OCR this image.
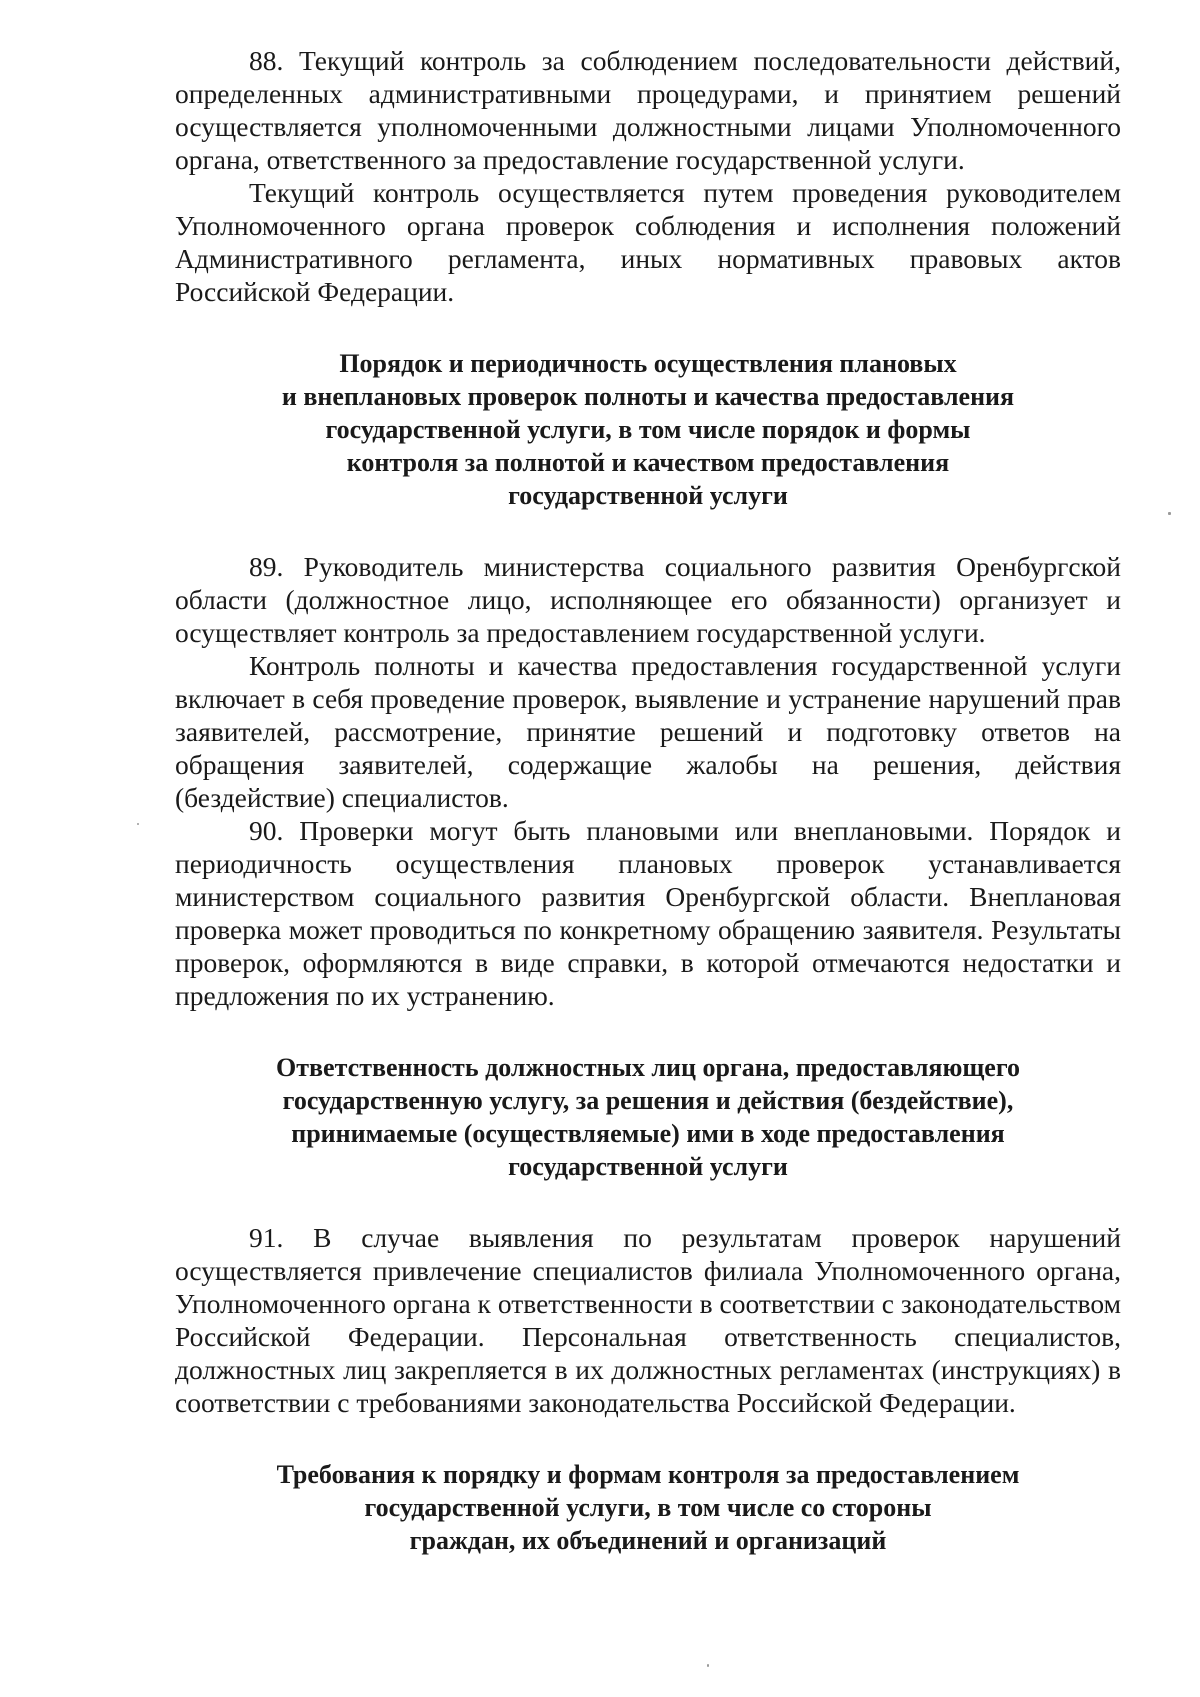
88. Текущий контроль за соблюдением последовательности действий, определенных административными процедурами, и принятием решений осуществляется уполномоченными должностными лицами Уполномоченного органа, ответственного за предоставление государственной услуги.

Текущий контроль осуществляется путем проведения руководителем Уполномоченного органа проверок соблюдения и исполнения положений Административного регламента, иных нормативных правовых актов Российской Федерации.

Порядок и периодичность осуществления плановых
и внеплановых проверок полноты и качества предоставления
государственной услуги, в том числе порядок и формы
контроля за полнотой и качеством предоставления
государственной услуги

89. Руководитель министерства социального развития Оренбургской области (должностное лицо, исполняющее его обязанности) организует и осуществляет контроль за предоставлением государственной услуги.

Контроль полноты и качества предоставления государственной услуги включает в себя проведение проверок, выявление и устранение нарушений прав заявителей, рассмотрение, принятие решений и подготовку ответов на обращения заявителей, содержащие жалобы на решения, действия (бездействие) специалистов.

90. Проверки могут быть плановыми или внеплановыми. Порядок и периодичность осуществления плановых проверок устанавливается министерством социального развития Оренбургской области. Внеплановая проверка может проводиться по конкретному обращению заявителя. Результаты проверок, оформляются в виде справки, в которой отмечаются недостатки и предложения по их устранению.

Ответственность должностных лиц органа, предоставляющего
государственную услугу, за решения и действия (бездействие),
принимаемые (осуществляемые) ими в ходе предоставления
государственной услуги

91. В случае выявления по результатам проверок нарушений осуществляется привлечение специалистов филиала Уполномоченного органа, Уполномоченного органа к ответственности в соответствии с законодательством Российской Федерации. Персональная ответственность специалистов, должностных лиц закрепляется в их должностных регламентах (инструкциях) в соответствии с требованиями законодательства Российской Федерации.

Требования к порядку и формам контроля за предоставлением
государственной услуги, в том числе со стороны
граждан, их объединений и организаций
